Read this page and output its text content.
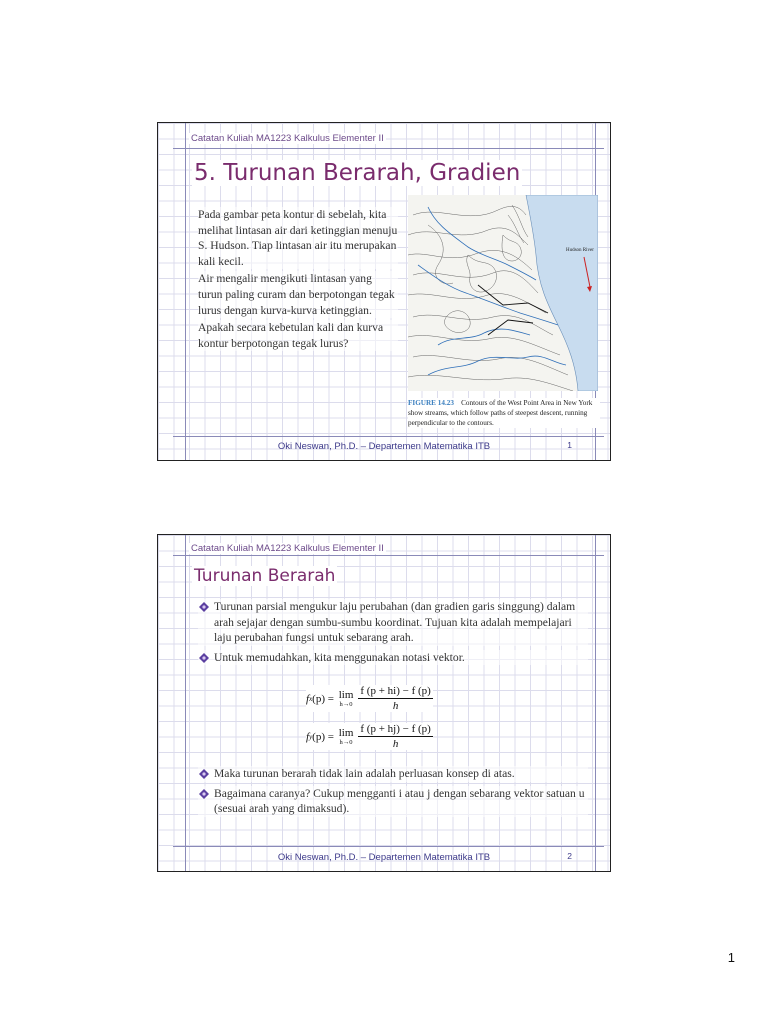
Catatan Kuliah MA1223 Kalkulus Elementer II
5. Turunan Berarah, Gradien

Pada gambar peta kontur di sebelah, kita melihat lintasan air dari ketinggian menuju S. Hudson. Tiap lintasan air itu merupakan kali kecil.

Air mengalir mengikuti lintasan yang turun paling curam dan berpotongan tegak lurus dengan kurva-kurva ketinggian.

Apakah secara kebetulan kali dan kurva kontur berpotongan tegak lurus?

Hudson River
FIGURE 14.23 Contours of the West Point Area in New York show streams, which follow paths of steepest descent, running perpendicular to the contours.
Oki Neswan, Ph.D. – Departemen Matematika ITB	1
Catatan Kuliah MA1223 Kalkulus Elementer II
Turunan Berarah
Turunan parsial mengukur laju perubahan (dan gradien garis singgung) dalam arah sejajar dengan sumbu-sumbu koordinat. Tujuan kita adalah mempelajari laju perubahan fungsi untuk sebarang arah.
Untuk memudahkan, kita menggunakan notasi vektor.
f x (p) = lim
$h\to 0 \frac{f (p + hi) - f (p)}{h}$
f y (p) = lim
$h\to 0 \frac{f (p + hj) - f (p)}{h}$
Maka turunan berarah tidak lain adalah perluasan konsep di atas.
Bagaimana caranya? Cukup mengganti i atau j dengan sebarang vektor satuan u (sesuai arah yang dimaksud).
Oki Neswan, Ph.D. – Departemen Matematika ITB	2
1
